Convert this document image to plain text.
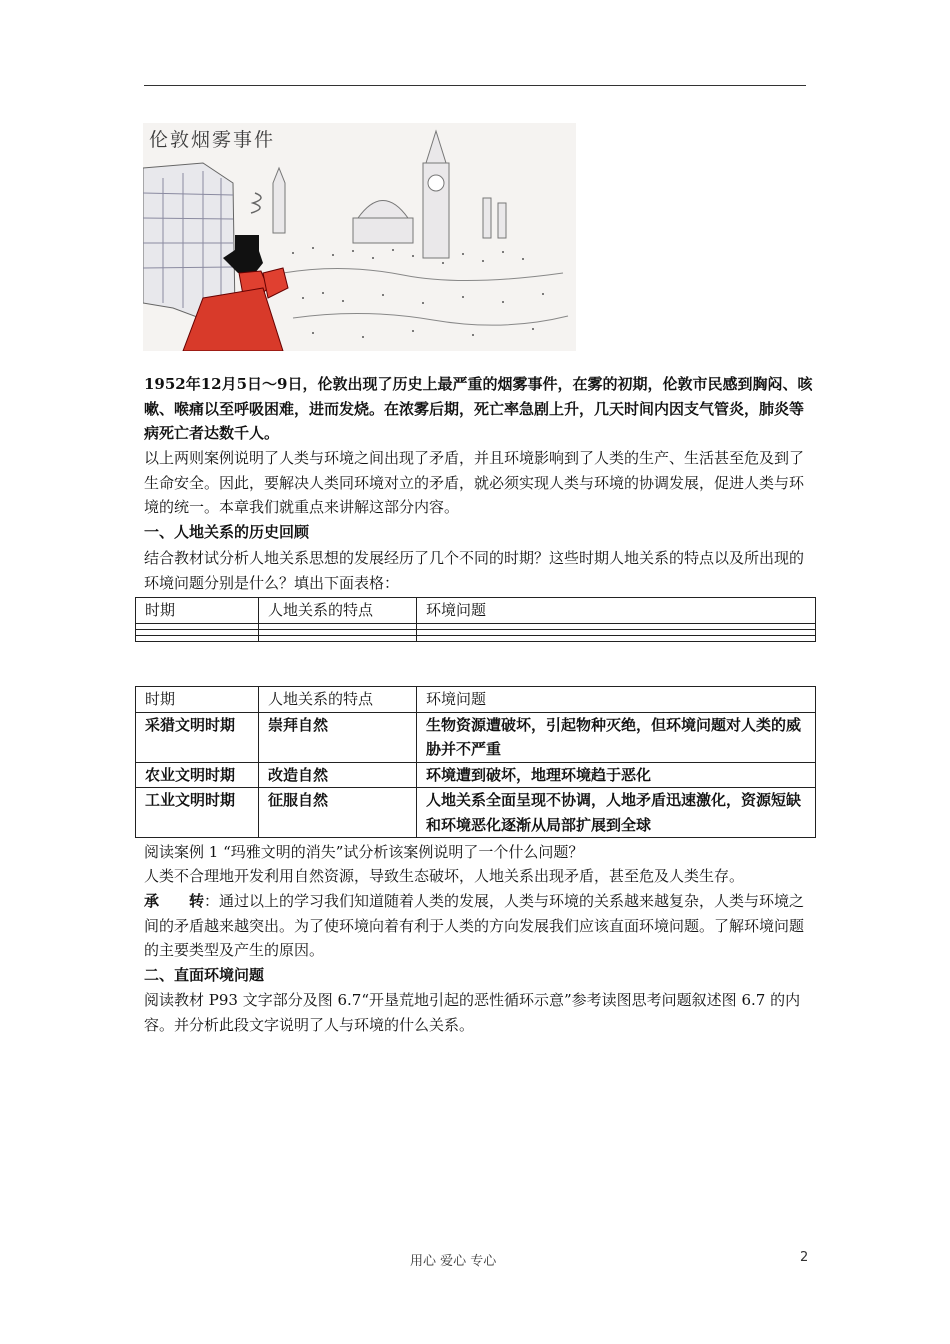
伦敦烟雾事件
1952年12月5日～9日，伦敦出现了历史上最严重的烟雾事件，在雾的初期，伦敦市民感到胸闷、咳嗽、喉痛以至呼吸困难，进而发烧。在浓雾后期，死亡率急剧上升，几天时间内因支气管炎，肺炎等病死亡者达数千人。
以上两则案例说明了人类与环境之间出现了矛盾，并且环境影响到了人类的生产、生活甚至危及到了生命安全。因此，要解决人类同环境对立的矛盾，就必须实现人类与环境的协调发展，促进人类与环境的统一。本章我们就重点来讲解这部分内容。
一、人地关系的历史回顾
结合教材试分析人地关系思想的发展经历了几个不同的时期？这些时期人地关系的特点以及所出现的环境问题分别是什么？填出下面表格：
时期	人地关系的特点	环境问题

时期	人地关系的特点	环境问题
采猎文明时期	崇拜自然	生物资源遭破坏，引起物种灭绝，但环境问题对人类的威胁并不严重
农业文明时期	改造自然	环境遭到破坏，地理环境趋于恶化
工业文明时期	征服自然	人地关系全面呈现不协调，人地矛盾迅速激化，资源短缺和环境恶化逐渐从局部扩展到全球
阅读案例 1 “玛雅文明的消失”试分析该案例说明了一个什么问题？
人类不合理地开发利用自然资源，导致生态破坏，人地关系出现矛盾，甚至危及人类生存。
承　　转：通过以上的学习我们知道随着人类的发展，人类与环境的关系越来越复杂，人类与环境之间的矛盾越来越突出。为了使环境向着有利于人类的方向发展我们应该直面环境问题。了解环境问题的主要类型及产生的原因。
二、直面环境问题
阅读教材 P93 文字部分及图 6.7“开垦荒地引起的恶性循环示意”参考读图思考问题叙述图 6.7 的内容。并分析此段文字说明了人与环境的什么关系。
用心 爱心 专心	2
